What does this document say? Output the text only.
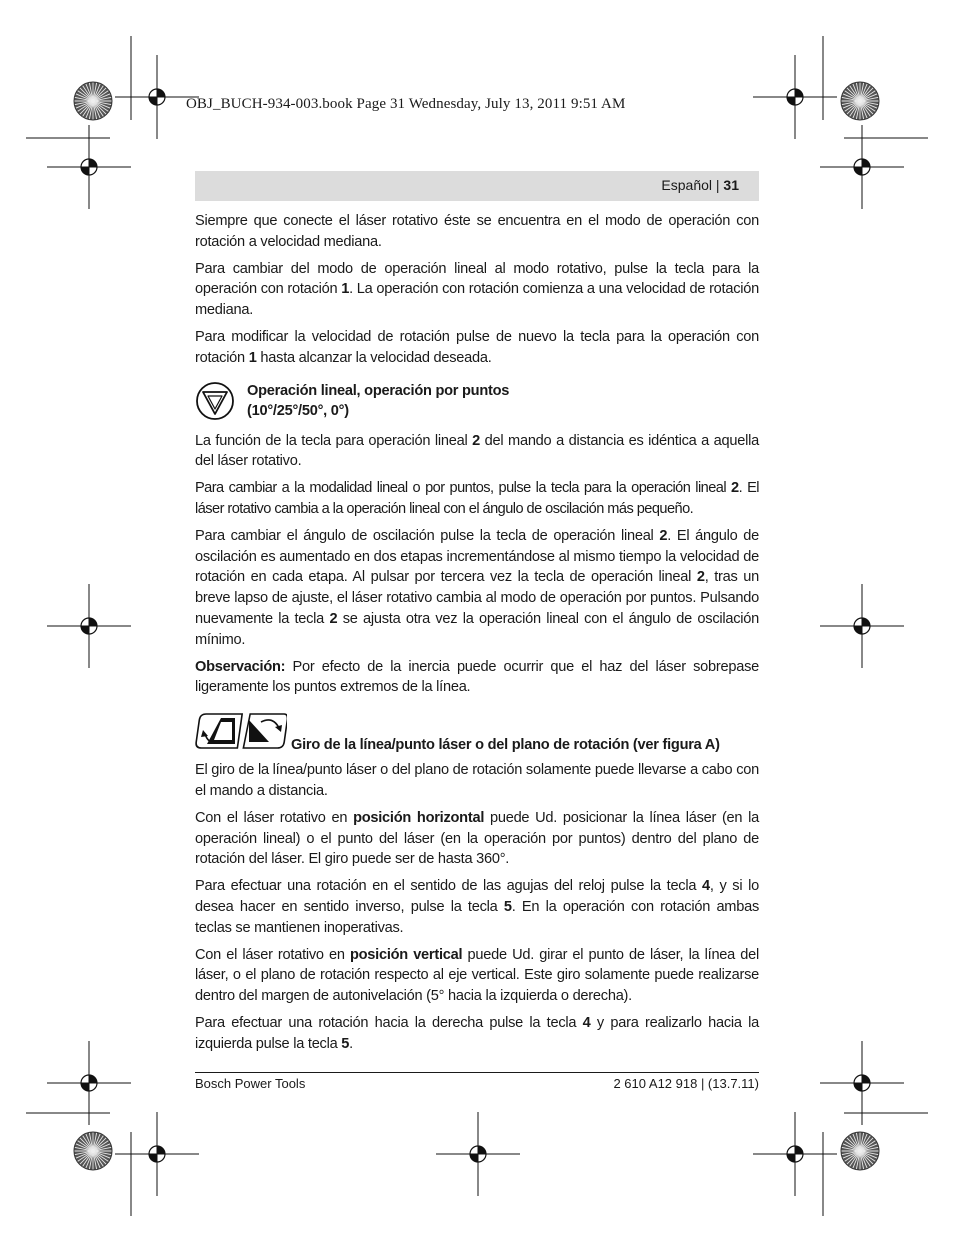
OBJ_BUCH-934-003.book Page 31 Wednesday, July 13, 2011 9:51 AM
Español | 31

Siempre que conecte el láser rotativo éste se encuentra en el modo de operación con rotación a velocidad mediana.

Para cambiar del modo de operación lineal al modo rotativo, pulse la tecla para la operación con rotación 1. La operación con rotación comienza a una velocidad de rotación mediana.

Para modificar la velocidad de rotación pulse de nuevo la tecla para la operación con rotación 1 hasta alcanzar la velocidad deseada.

Operación lineal, operación por puntos
(10°/25°/50°, 0°)

La función de la tecla para operación lineal 2 del mando a distancia es idéntica a aquella del láser rotativo.

Para cambiar a la modalidad lineal o por puntos, pulse la tecla para la operación lineal 2. El láser rotativo cambia a la operación lineal con el ángulo de oscilación más pequeño.

Para cambiar el ángulo de oscilación pulse la tecla de operación lineal 2. El ángulo de oscilación es aumentado en dos etapas incrementándose al mismo tiempo la velocidad de rotación en cada etapa. Al pulsar por tercera vez la tecla de operación lineal 2, tras un breve lapso de ajuste, el láser rotativo cambia al modo de operación por puntos. Pulsando nuevamente la tecla 2 se ajusta otra vez la operación lineal con el ángulo de oscilación mínimo.

Observación: Por efecto de la inercia puede ocurrir que el haz del láser sobrepase ligeramente los puntos extremos de la línea.

Giro de la línea/punto láser o del plano de rotación (ver figura A)

El giro de la línea/punto láser o del plano de rotación solamente puede llevarse a cabo con el mando a distancia.

Con el láser rotativo en posición horizontal puede Ud. posicionar la línea láser (en la operación lineal) o el punto del láser (en la operación por puntos) dentro del plano de rotación del láser. El giro puede ser de hasta 360°.

Para efectuar una rotación en el sentido de las agujas del reloj pulse la tecla 4, y si lo desea hacer en sentido inverso, pulse la tecla 5. En la operación con rotación ambas teclas se mantienen inoperativas.

Con el láser rotativo en posición vertical puede Ud. girar el punto de láser, la línea del láser, o el plano de rotación respecto al eje vertical. Este giro solamente puede realizarse dentro del margen de autonivelación (5° hacia la izquierda o derecha).

Para efectuar una rotación hacia la derecha pulse la tecla 4 y para realizarlo hacia la izquierda pulse la tecla 5.

Bosch Power Tools	2 610 A12 918 | (13.7.11)
